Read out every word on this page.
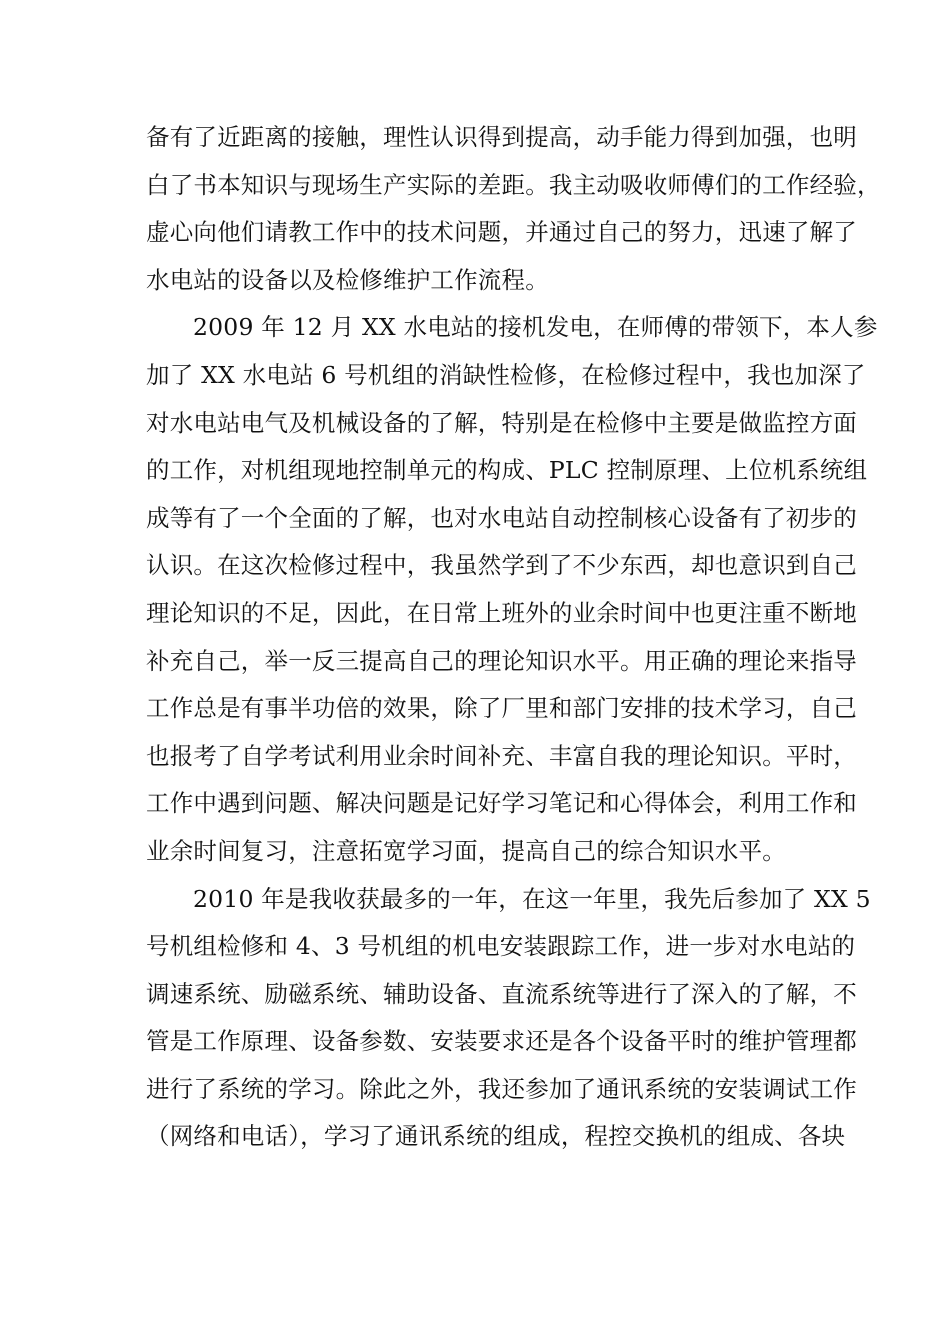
备有了近距离的接触，理性认识得到提高，动手能力得到加强，也明
白了书本知识与现场生产实际的差距。我主动吸收师傅们的工作经验，
虚心向他们请教工作中的技术问题，并通过自己的努力，迅速了解了
水电站的设备以及检修维护工作流程。
2009 年 12 月 XX 水电站的接机发电，在师傅的带领下，本人参
加了 XX 水电站 6 号机组的消缺性检修，在检修过程中，我也加深了
对水电站电气及机械设备的了解，特别是在检修中主要是做监控方面
的工作，对机组现地控制单元的构成、PLC 控制原理、上位机系统组
成等有了一个全面的了解，也对水电站自动控制核心设备有了初步的
认识。在这次检修过程中，我虽然学到了不少东西，却也意识到自己
理论知识的不足，因此，在日常上班外的业余时间中也更注重不断地
补充自己，举一反三提高自己的理论知识水平。用正确的理论来指导
工作总是有事半功倍的效果，除了厂里和部门安排的技术学习，自己
也报考了自学考试利用业余时间补充、丰富自我的理论知识。平时，
工作中遇到问题、解决问题是记好学习笔记和心得体会，利用工作和
业余时间复习，注意拓宽学习面，提高自己的综合知识水平。
2010 年是我收获最多的一年，在这一年里，我先后参加了 XX 5
号机组检修和 4、3 号机组的机电安装跟踪工作，进一步对水电站的
调速系统、励磁系统、辅助设备、直流系统等进行了深入的了解，不
管是工作原理、设备参数、安装要求还是各个设备平时的维护管理都
进行了系统的学习。除此之外，我还参加了通讯系统的安装调试工作
（网络和电话），学习了通讯系统的组成，程控交换机的组成、各块
